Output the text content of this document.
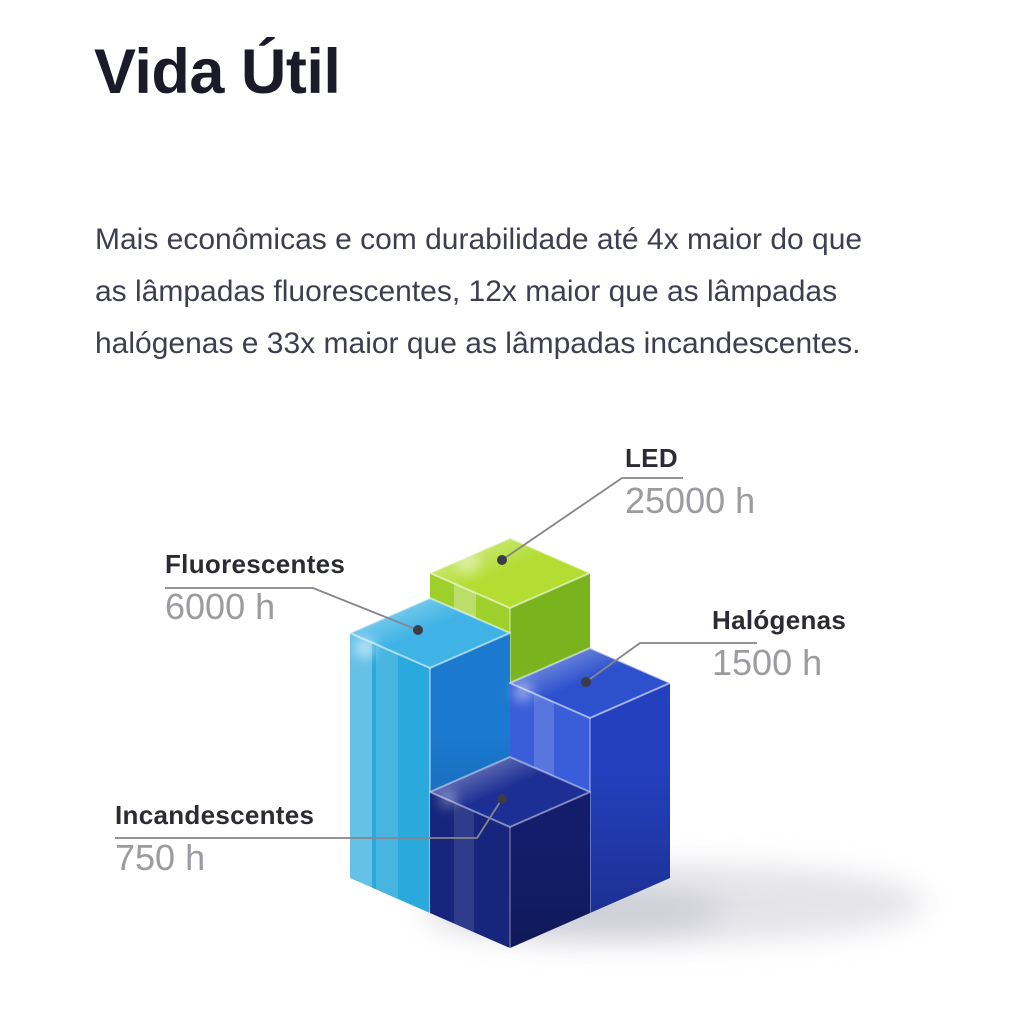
Vida Útil
Mais econômicas e com durabilidade até 4x maior do que
as lâmpadas fluorescentes, 12x maior que as lâmpadas
halógenas e 33x maior que as lâmpadas incandescentes.
LED
25000 h
Fluorescentes
6000 h	Halógenas
1500 h
Incandescentes
750 h
